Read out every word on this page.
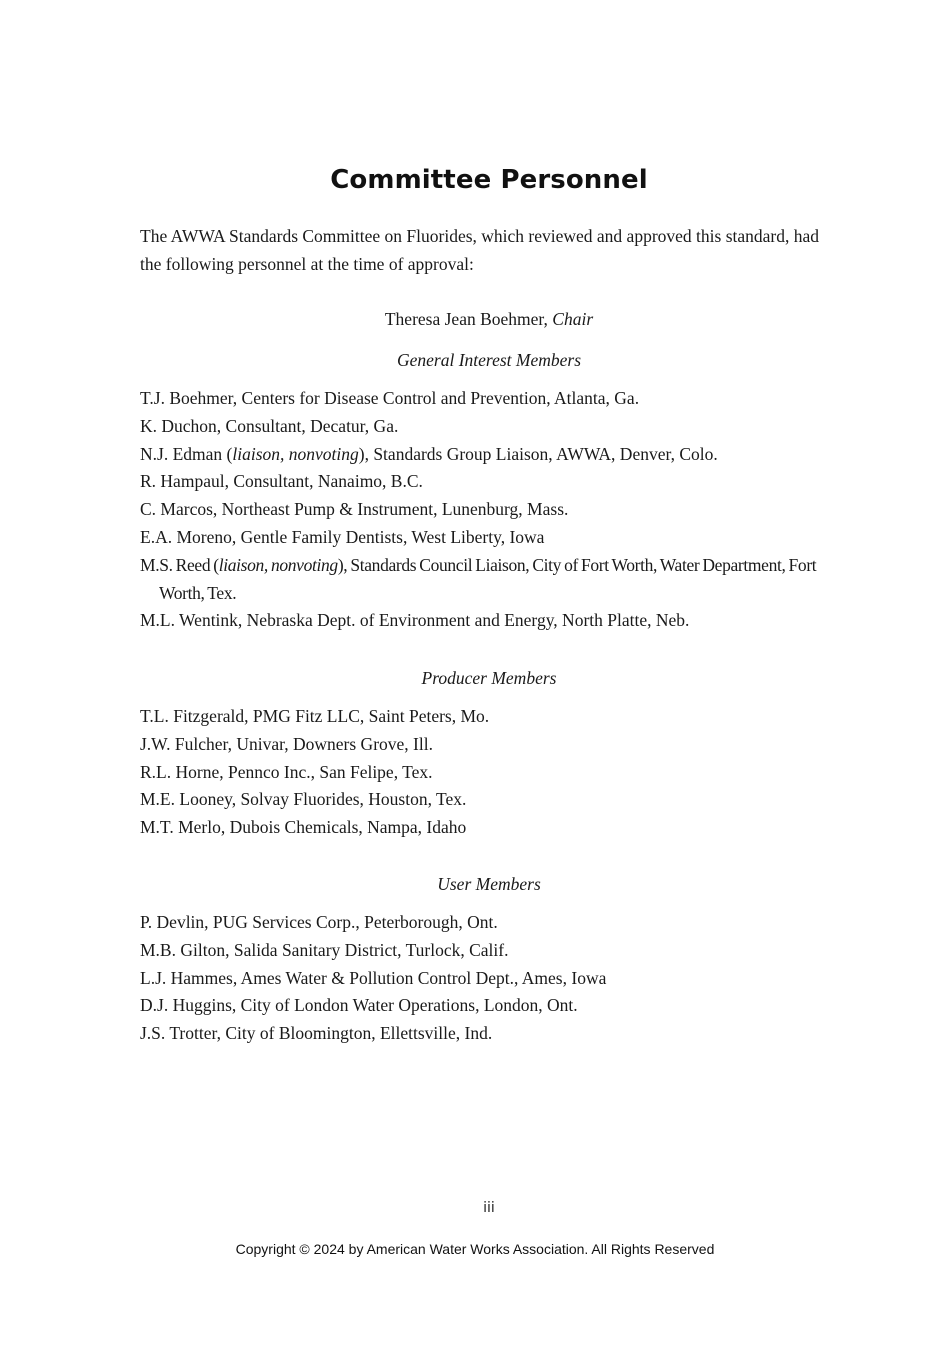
Committee Personnel

The AWWA Standards Committee on Fluorides, which reviewed and approved this standard, had the following personnel at the time of approval:

Theresa Jean Boehmer, Chair
General Interest Members
T.J. Boehmer, Centers for Disease Control and Prevention, Atlanta, Ga.
K. Duchon, Consultant, Decatur, Ga.
N.J. Edman (liaison, nonvoting), Standards Group Liaison, AWWA, Denver, Colo.
R. Hampaul, Consultant, Nanaimo, B.C.
C. Marcos, Northeast Pump & Instrument, Lunenburg, Mass.
E.A. Moreno, Gentle Family Dentists, West Liberty, Iowa
M.S. Reed (liaison, nonvoting), Standards Council Liaison, City of Fort Worth, Water Department, Fort Worth, Tex.
M.L. Wentink, Nebraska Dept. of Environment and Energy, North Platte, Neb.
Producer Members
T.L. Fitzgerald, PMG Fitz LLC, Saint Peters, Mo.
J.W. Fulcher, Univar, Downers Grove, Ill.
R.L. Horne, Pennco Inc., San Felipe, Tex.
M.E. Looney, Solvay Fluorides, Houston, Tex.
M.T. Merlo, Dubois Chemicals, Nampa, Idaho
User Members
P. Devlin, PUG Services Corp., Peterborough, Ont.
M.B. Gilton, Salida Sanitary District, Turlock, Calif.
L.J. Hammes, Ames Water & Pollution Control Dept., Ames, Iowa
D.J. Huggins, City of London Water Operations, London, Ont.
J.S. Trotter, City of Bloomington, Ellettsville, Ind.
iii
Copyright © 2024 by American Water Works Association. All Rights Reserved
